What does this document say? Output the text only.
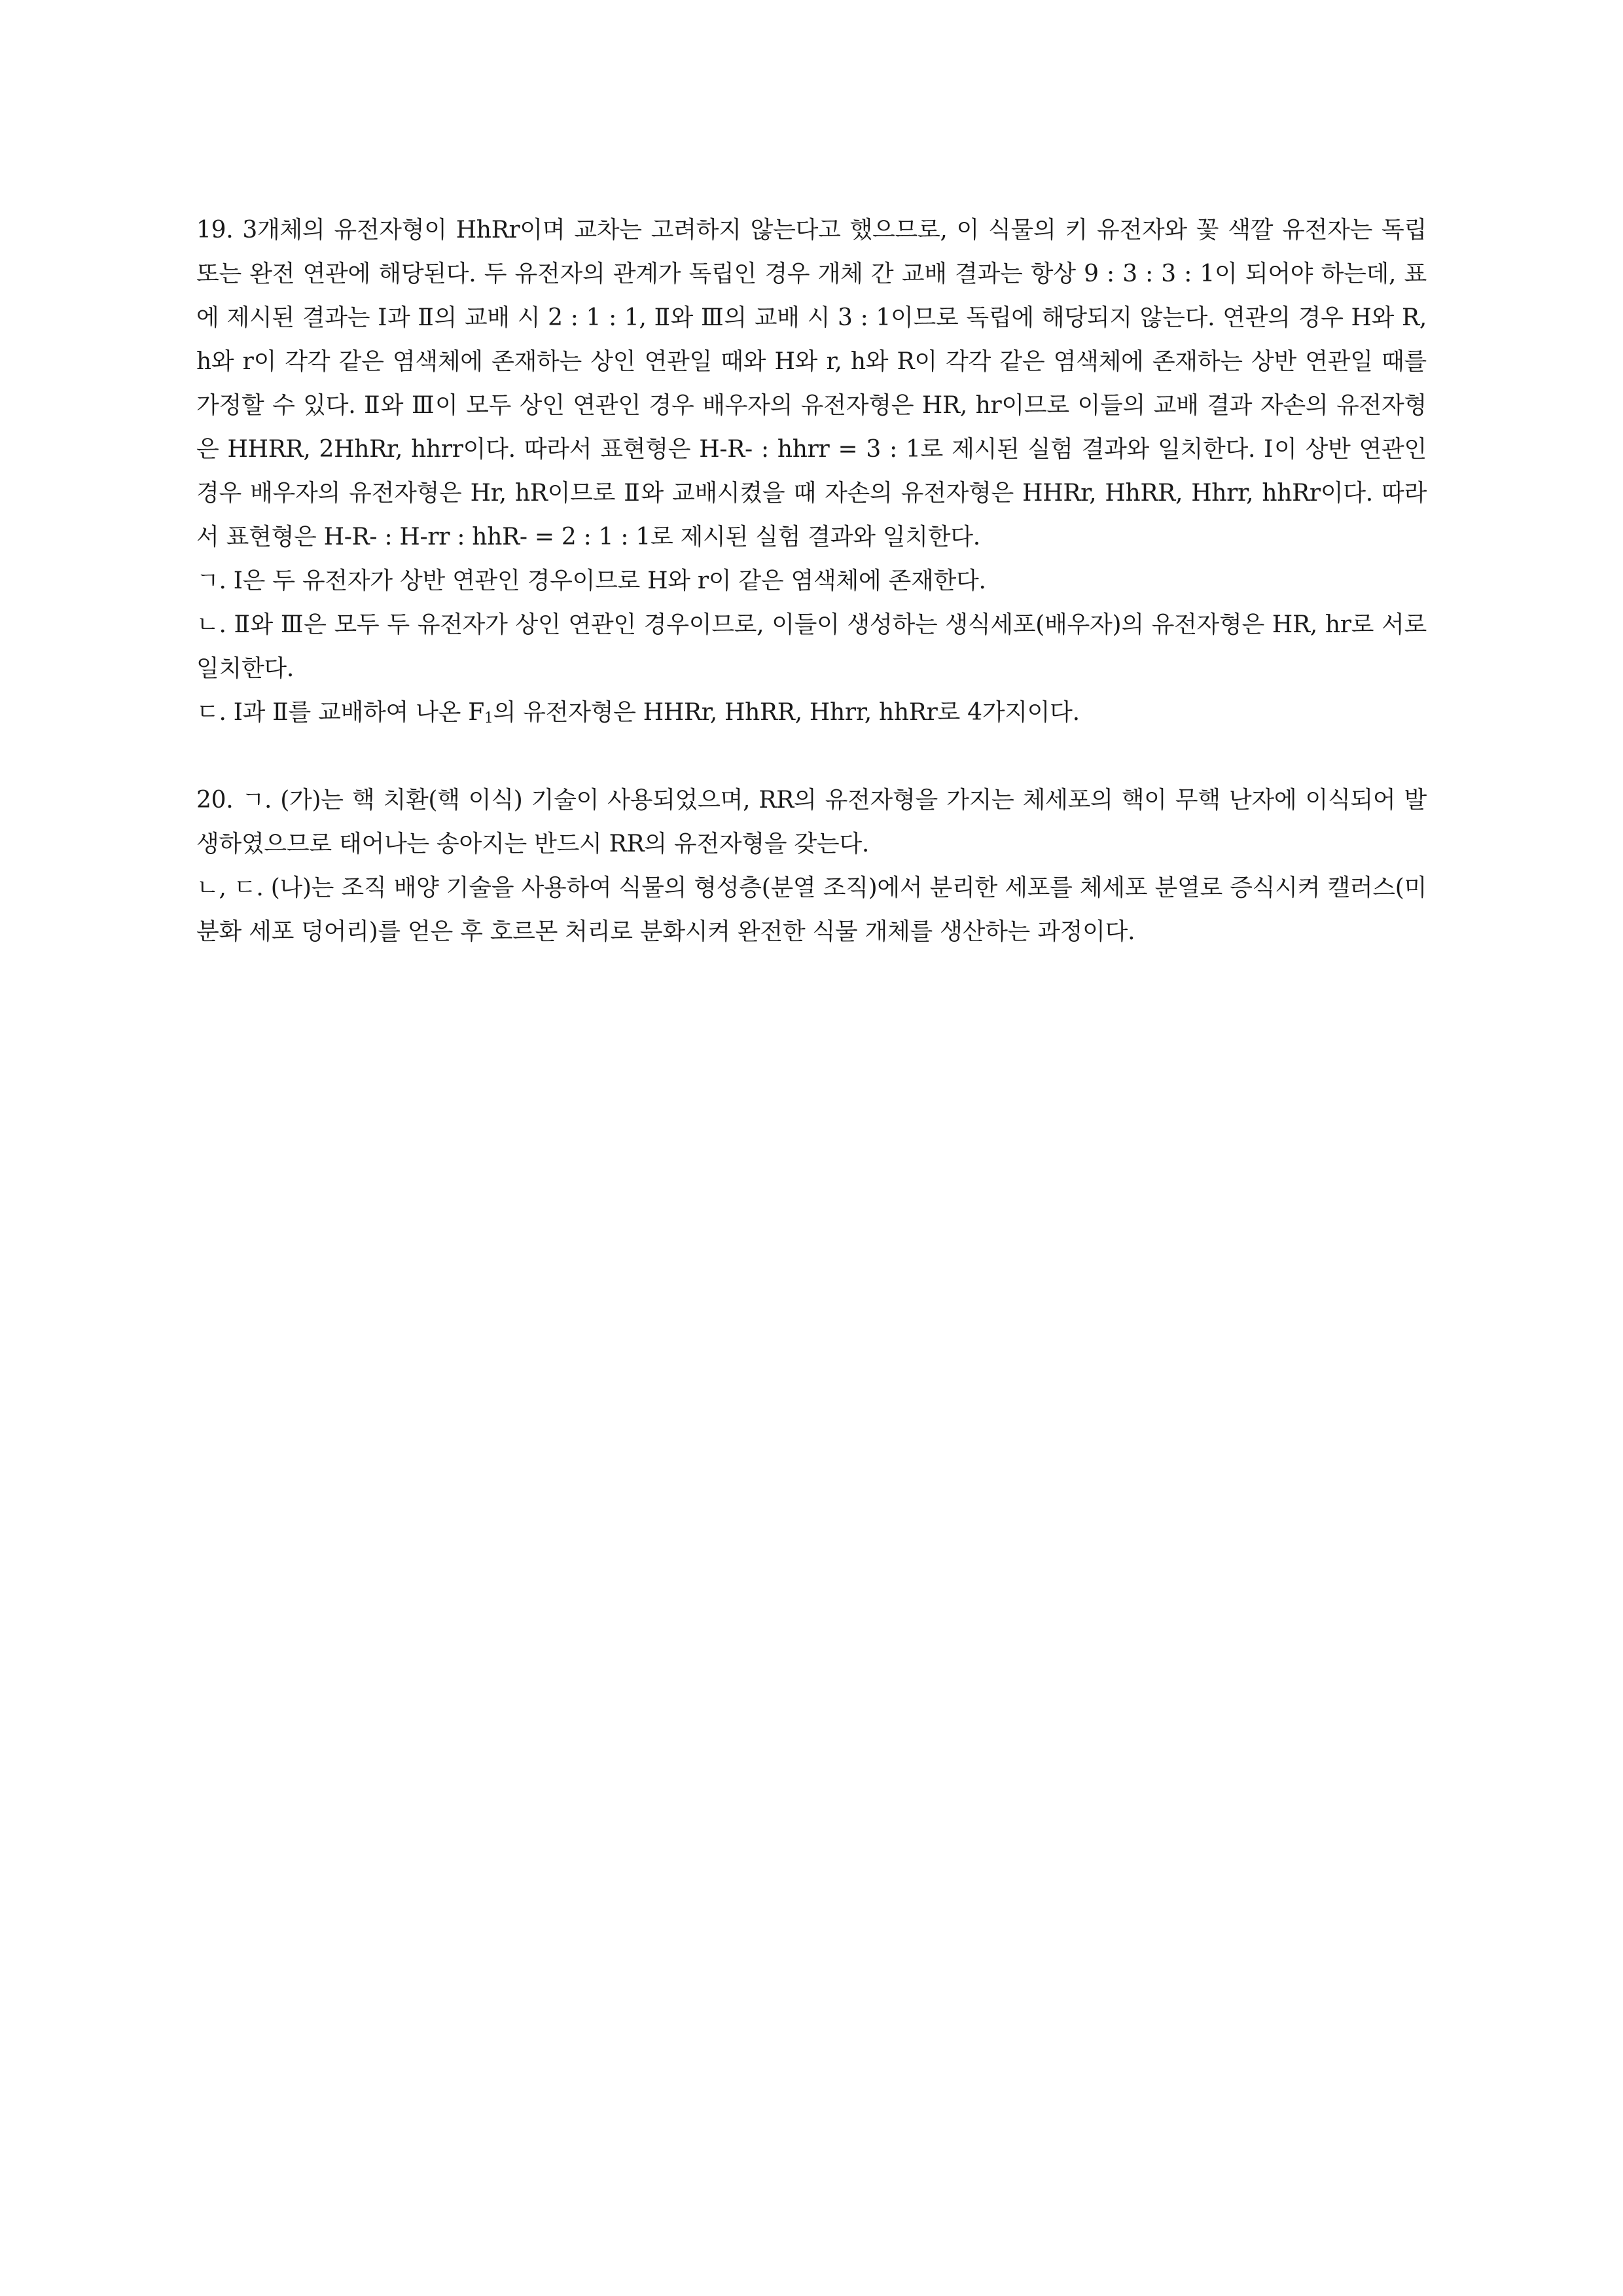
19. 3개체의 유전자형이 HhRr이며 교차는 고려하지 않는다고 했으므로, 이 식물의 키 유전자와 꽃 색깔 유전자는 독립 또는 완전 연관에 해당된다. 두 유전자의 관계가 독립인 경우 개체 간 교배 결과는 항상 9 : 3 : 3 : 1이 되어야 하는데, 표에 제시된 결과는 Ⅰ과 Ⅱ의 교배 시 2 : 1 : 1, Ⅱ와 Ⅲ의 교배 시 3 : 1이므로 독립에 해당되지 않는다. 연관의 경우 H와 R, h와 r이 각각 같은 염색체에 존재하는 상인 연관일 때와 H와 r, h와 R이 각각 같은 염색체에 존재하는 상반 연관일 때를 가정할 수 있다. Ⅱ와 Ⅲ이 모두 상인 연관인 경우 배우자의 유전자형은 HR, hr이므로 이들의 교배 결과 자손의 유전자형은 HHRR, 2HhRr, hhrr이다. 따라서 표현형은 H-R- : hhrr = 3 : 1로 제시된 실험 결과와 일치한다. Ⅰ이 상반 연관인 경우 배우자의 유전자형은 Hr, hR이므로 Ⅱ와 교배시켰을 때 자손의 유전자형은 HHRr, HhRR, Hhrr, hhRr이다. 따라서 표현형은 H-R- : H-rr : hhR- = 2 : 1 : 1로 제시된 실험 결과와 일치한다.

ㄱ. Ⅰ은 두 유전자가 상반 연관인 경우이므로 H와 r이 같은 염색체에 존재한다.

ㄴ. Ⅱ와 Ⅲ은 모두 두 유전자가 상인 연관인 경우이므로, 이들이 생성하는 생식세포(배우자)의 유전자형은 HR, hr로 서로 일치한다.

ㄷ. Ⅰ과 Ⅱ를 교배하여 나온 $F_1$의 유전자형은 HHRr, HhRR, Hhrr, hhRr로 4가지이다.

20. ㄱ. (가)는 핵 치환(핵 이식) 기술이 사용되었으며, RR의 유전자형을 가지는 체세포의 핵이 무핵 난자에 이식되어 발생하였으므로 태어나는 송아지는 반드시 RR의 유전자형을 갖는다.

ㄴ, ㄷ. (나)는 조직 배양 기술을 사용하여 식물의 형성층(분열 조직)에서 분리한 세포를 체세포 분열로 증식시켜 캘러스(미분화 세포 덩어리)를 얻은 후 호르몬 처리로 분화시켜 완전한 식물 개체를 생산하는 과정이다.
